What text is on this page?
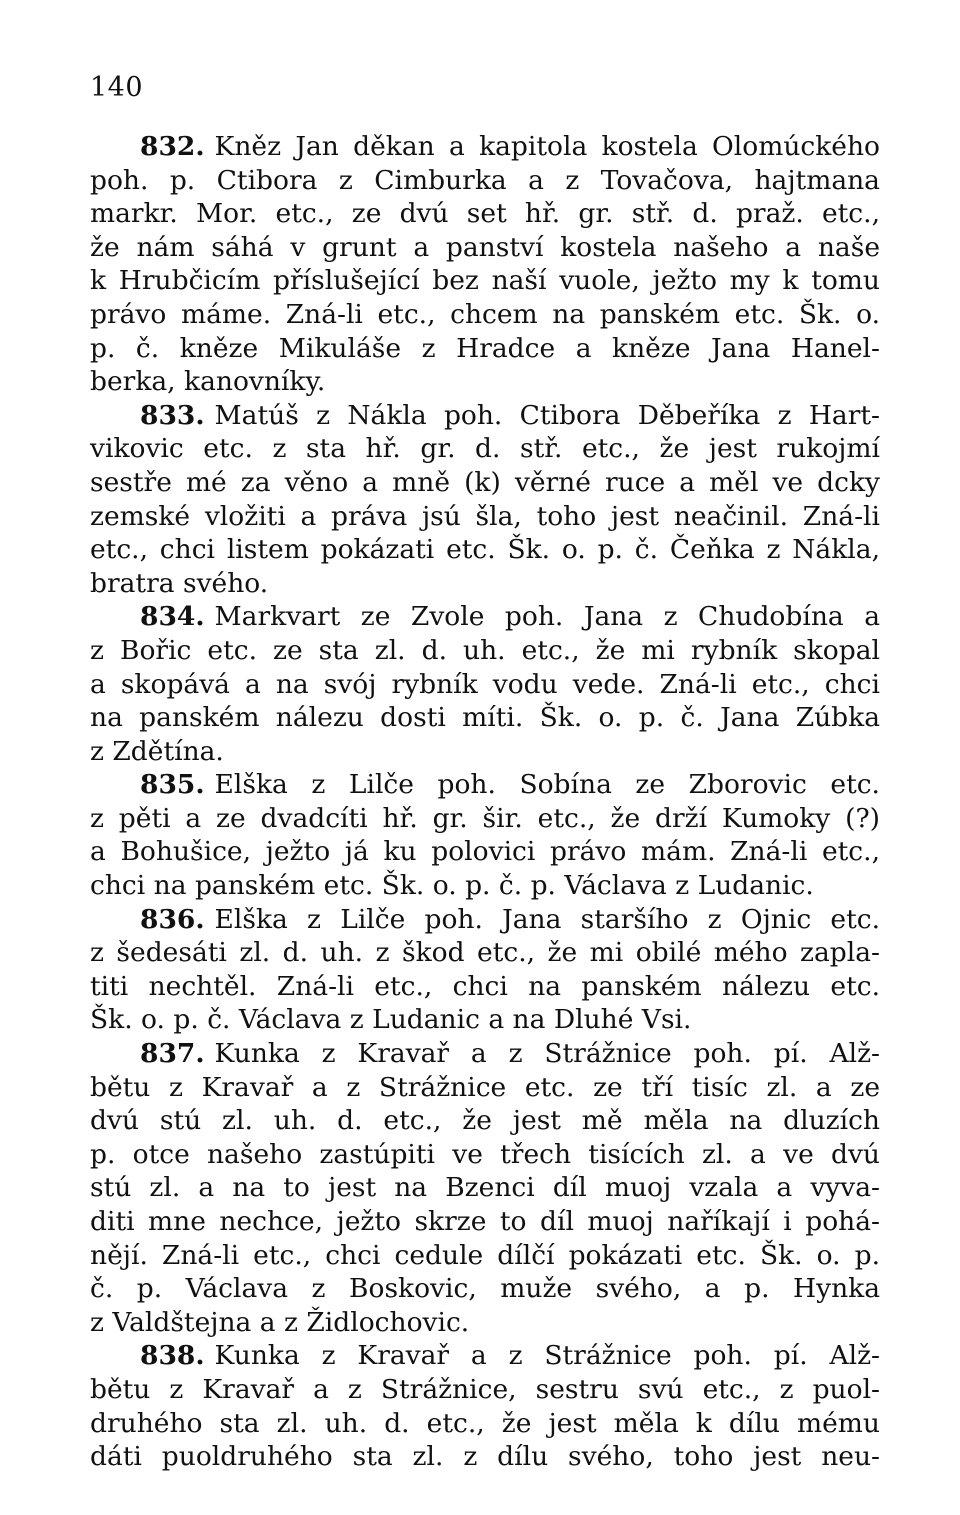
140
832. Kněz Jan děkan a kapitola kostela Olomúckého
poh. p. Ctibora z Cimburka a z Tovačova, hajtmana
markr. Mor. etc., ze dvú set hř. gr. stř. d. praž. etc.,
že nám sáhá v grunt a panství kostela našeho a naše
k Hrubčicím příslušející bez naší vuole, ježto my k tomu
právo máme. Zná-li etc., chcem na panském etc. Šk. o.
p. č. kněze Mikuláše z Hradce a kněze Jana Hanel-
berka, kanovníky.
833. Matúš z Nákla poh. Ctibora Děbeříka z Hart-
vikovic etc. z sta hř. gr. d. stř. etc., že jest rukojmí
sestře mé za věno a mně (k) věrné ruce a měl ve dcky
zemské vložiti a práva jsú šla, toho jest neačinil. Zná-li
etc., chci listem pokázati etc. Šk. o. p. č. Čeňka z Nákla,
bratra svého.
834. Markvart ze Zvole poh. Jana z Chudobína a
z Bořic etc. ze sta zl. d. uh. etc., že mi rybník skopal
a skopává a na svój rybník vodu vede. Zná-li etc., chci
na panském nálezu dosti míti. Šk. o. p. č. Jana Zúbka
z Zdětína.
835. Elška z Lilče poh. Sobína ze Zborovic etc.
z pěti a ze dvadcíti hř. gr. šir. etc., že drží Kumoky (?)
a Bohušice, ježto já ku polovici právo mám. Zná-li etc.,
chci na panském etc. Šk. o. p. č. p. Václava z Ludanic.
836. Elška z Lilče poh. Jana staršího z Ojnic etc.
z šedesáti zl. d. uh. z škod etc., že mi obilé mého zapla-
titi nechtěl. Zná-li etc., chci na panském nálezu etc.
Šk. o. p. č. Václava z Ludanic a na Dluhé Vsi.
837. Kunka z Kravař a z Strážnice poh. pí. Alž-
bětu z Kravař a z Strážnice etc. ze tří tisíc zl. a ze
dvú stú zl. uh. d. etc., že jest mě měla na dluzích
p. otce našeho zastúpiti ve třech tisících zl. a ve dvú
stú zl. a na to jest na Bzenci díl muoj vzala a vyva-
diti mne nechce, ježto skrze to díl muoj naříkají i pohá-
nějí. Zná-li etc., chci cedule dílčí pokázati etc. Šk. o. p.
č. p. Václava z Boskovic, muže svého, a p. Hynka
z Valdštejna a z Židlochovic.
838. Kunka z Kravař a z Strážnice poh. pí. Alž-
bětu z Kravař a z Strážnice, sestru svú etc., z puol-
druhého sta zl. uh. d. etc., že jest měla k dílu mému
dáti puoldruhého sta zl. z dílu svého, toho jest neu-
